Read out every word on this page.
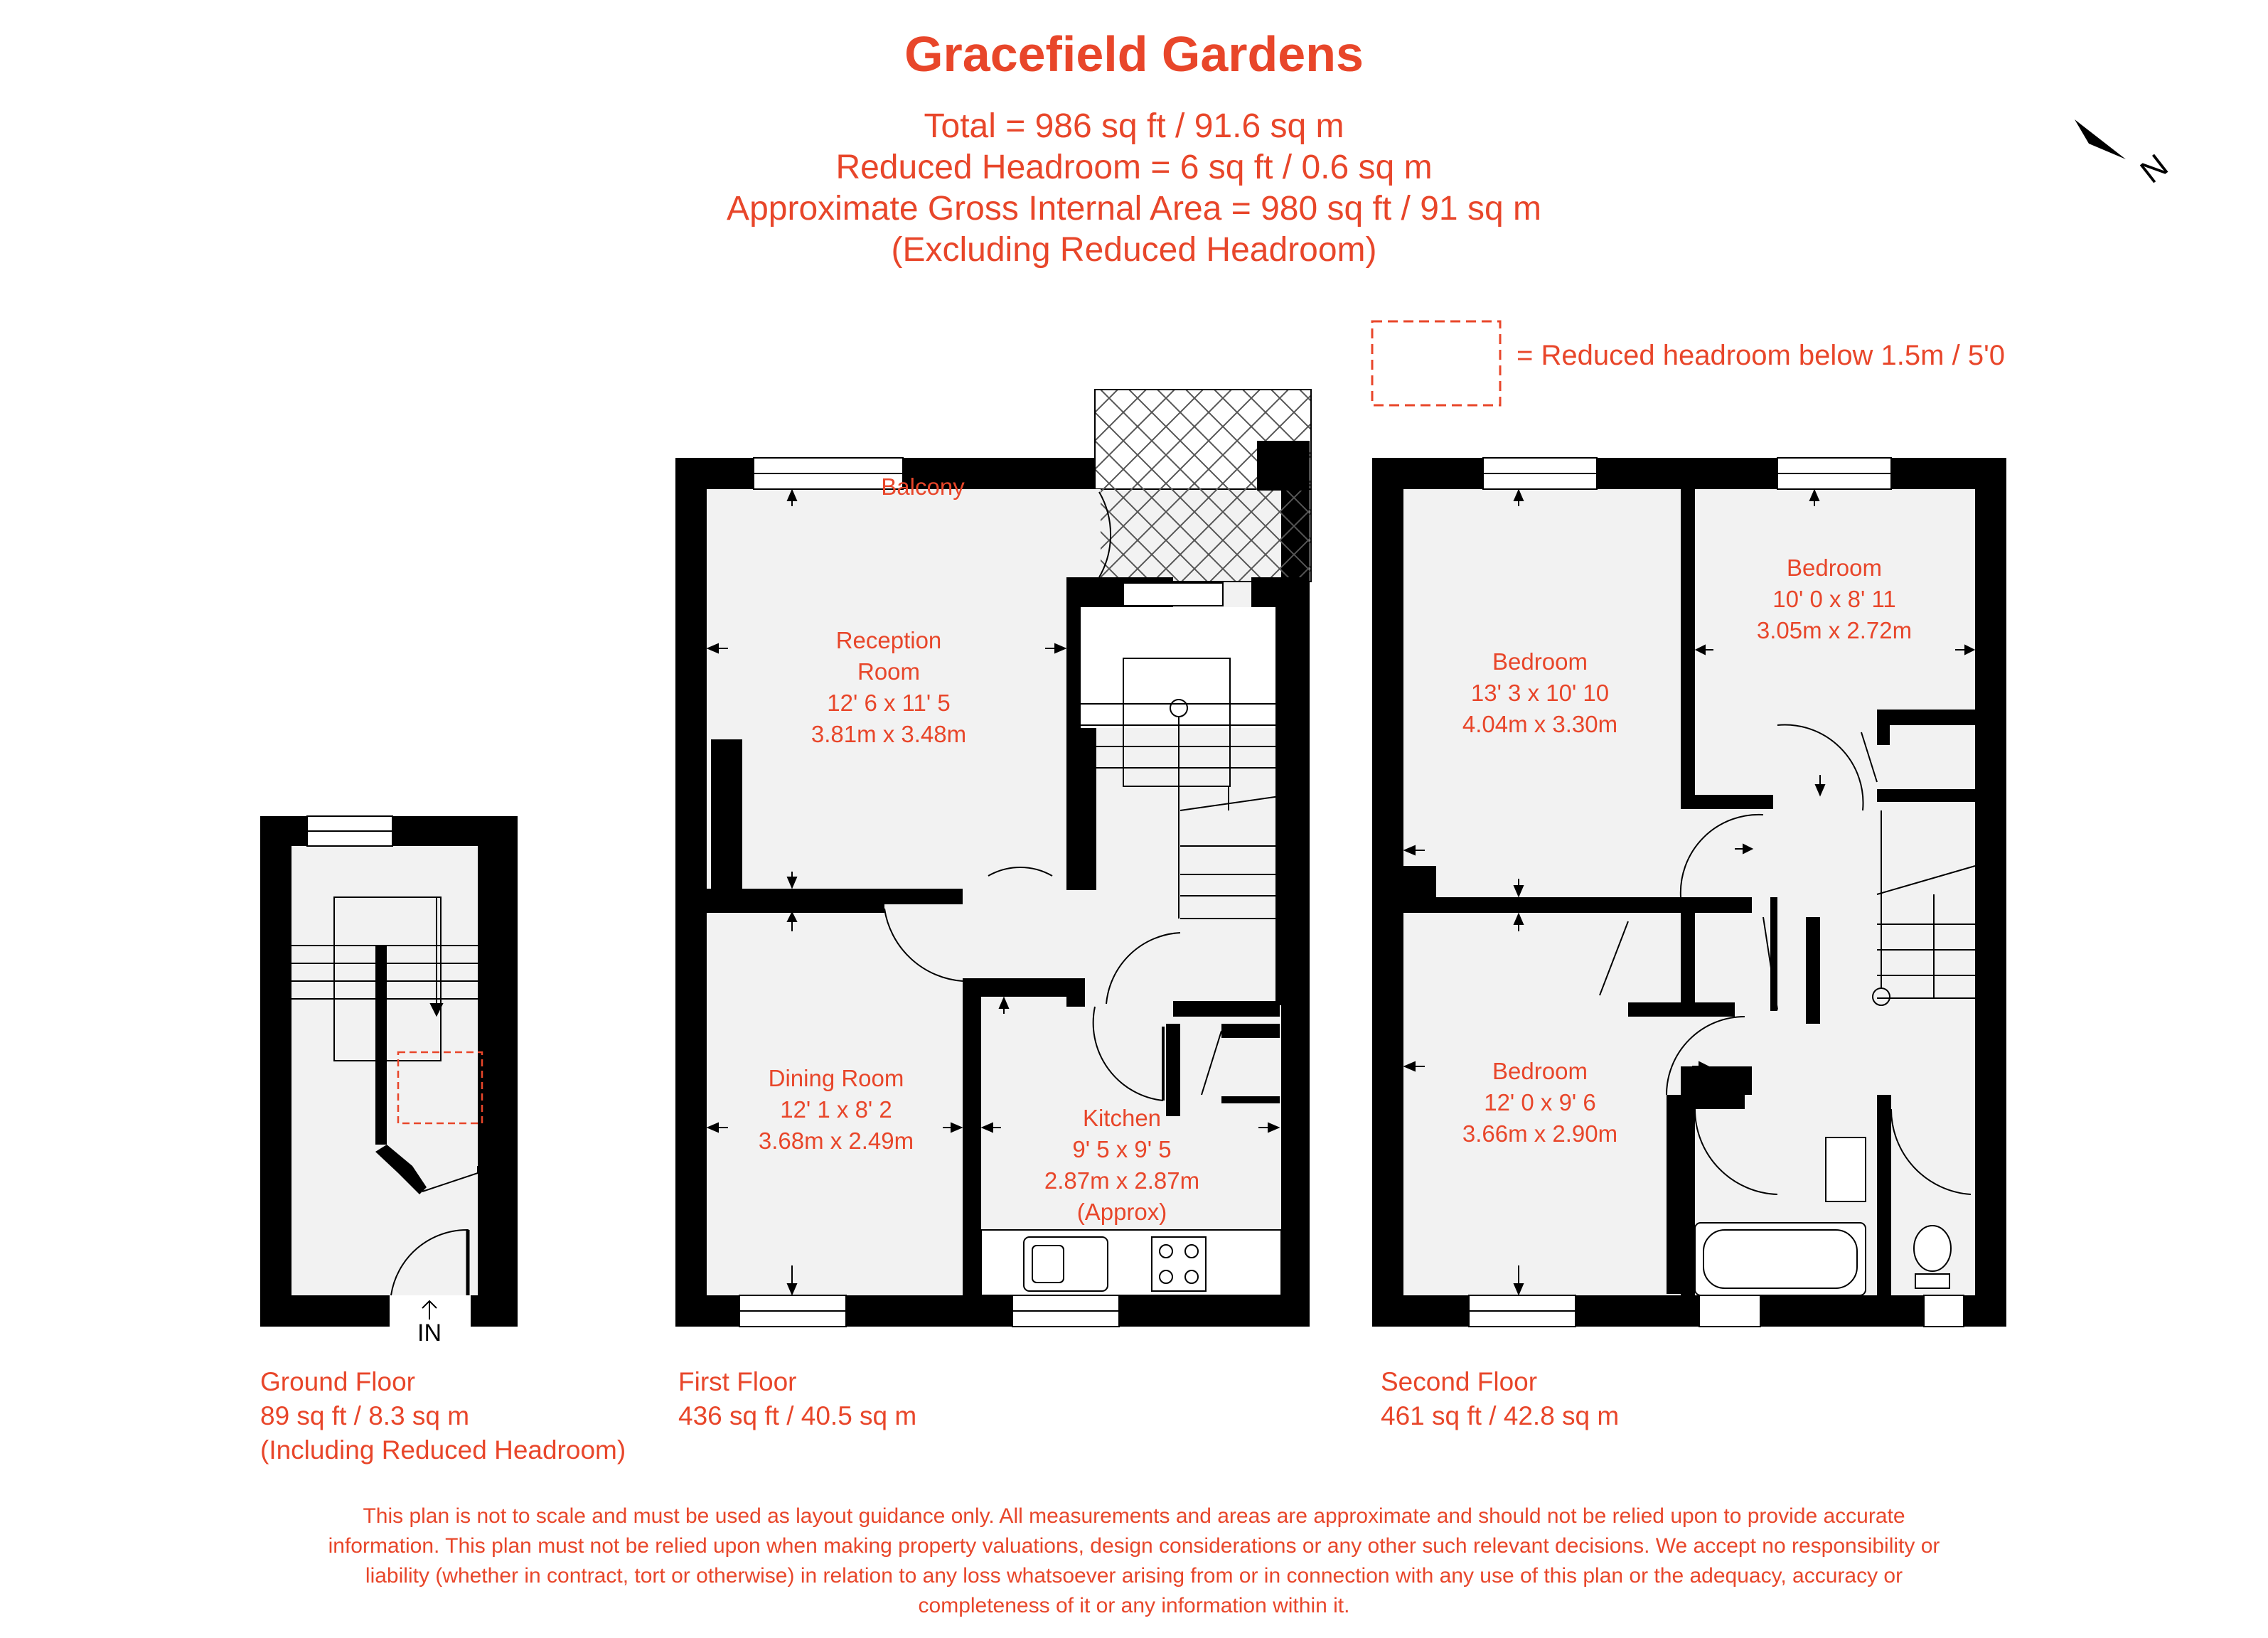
Gracefield Gardens
Total = 986 sq ft / 91.6 sq m
Reduced Headroom = 6 sq ft / 0.6 sq m
Approximate Gross Internal Area = 980 sq ft / 91 sq m
(Excluding Reduced Headroom)
= Reduced headroom below 1.5m / 5'0
N
IN
Balcony
Reception
Room
12' 6 x 11' 5
3.81m x 3.48m
Dining Room
12' 1 x 8' 2
3.68m x 2.49m
Kitchen
9' 5 x 9' 5
2.87m x 2.87m
(Approx)
Bedroom
13' 3 x 10' 10
4.04m x 3.30m
Bedroom
10' 0 x 8' 11
3.05m x 2.72m
Bedroom
12' 0 x 9' 6
3.66m x 2.90m
Ground Floor
89 sq ft / 8.3 sq m
(Including Reduced Headroom)
First Floor
436 sq ft / 40.5 sq m
Second Floor
461 sq ft / 42.8 sq m
This plan is not to scale and must be used as layout guidance only. All measurements and areas are approximate and should not be relied upon to provide accurate information. This plan must not be relied upon when making property valuations, design considerations or any other such relevant decisions. We accept no responsibility or liability (whether in contract, tort or otherwise) in relation to any loss whatsoever arising from or in connection with any use of this plan or the adequacy, accuracy or completeness of it or any information within it.
